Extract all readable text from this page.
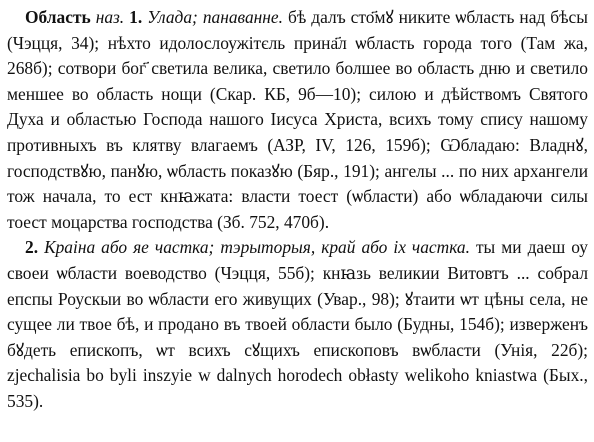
Область наз. 1. Улада; панаванне. бѣ далъ сто҃мꙋ никите ѡбласть над бѣсы (Чэцця, 34); нѣхто идолослоужітєль прина҃л ѡбласть города того (Там жа, 268б); сотвори бог҃ светила велика, светило болшее во область дню и светило меншее во область нощи (Скар. КБ, 9б—10); силою и дѣйствомъ Святого Духа и областью Господа нашого Іисуса Христа, всихъ тому спису нашому противныхъ въ клятву влагаемъ (АЗР, IV, 126, 159б); Ѡбладаю: Владнꙋ, господствꙋю, панꙋю, ѡбласть показꙋю (Бяр., 191); ангелы ... по них архангели тож начала, то ест кнꙗжата: власти тоест (ѡбласти) або ѡбладаючи силы тоест моцарства господства (Зб. 752, 470б).

2. Краіна або яе частка; тэрыторыя, край або іх частка. ты ми даеш оу своеи ѡбласти воеводство (Чэцця, 55б); кнꙗзь великии Витовтъ ... собрал епспы Роускыи во ѡбласти его живущих (Увар., 98); ꙋтаити ѡт цѣны села, не сущее ли твое бѣ, и продано въ твоей области было (Будны, 154б); изверженъ бꙋдеть епископъ, ѡт всихъ сꙋщихъ епископовъ вѡбласти (Унія, 22б); zjechalisia bo byli inszyie w dalnych horodech obłasty welikoho kniastwa (Бых., 535).
